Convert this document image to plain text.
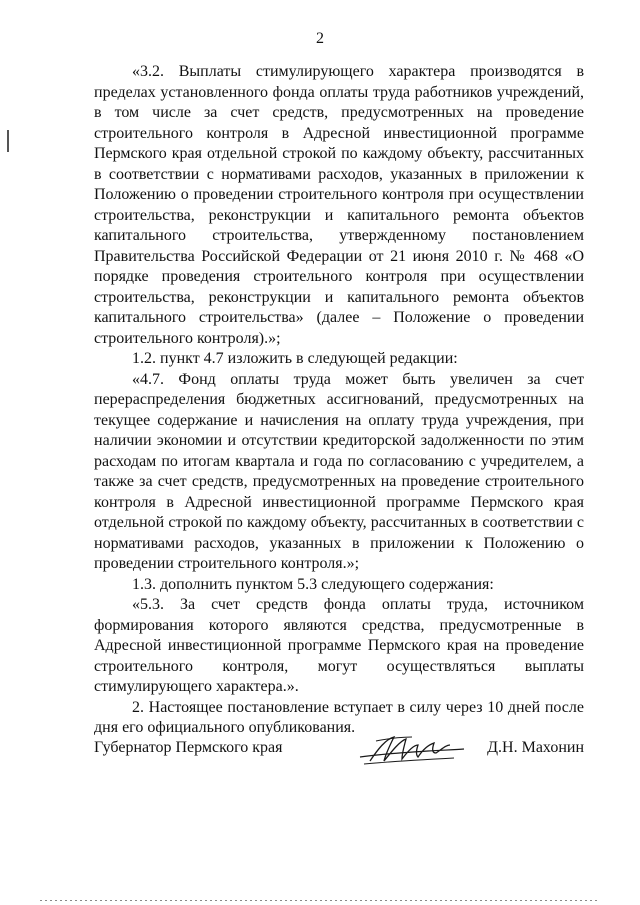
2

«3.2. Выплаты стимулирующего характера производятся в пределах установленного фонда оплаты труда работников учреждений, в том числе за счет средств, предусмотренных на проведение строительного контроля в Адресной инвестиционной программе Пермского края отдельной строкой по каждому объекту, рассчитанных в соответствии с нормативами расходов, указанных в приложении к Положению о проведении строительного контроля при осуществлении строительства, реконструкции и капитального ремонта объектов капитального строительства, утвержденному постановлением Правительства Российской Федерации от 21 июня 2010 г. № 468 «О порядке проведения строительного контроля при осуществлении строительства, реконструкции и капитального ремонта объектов капитального строительства» (далее – Положение о проведении строительного контроля).»;

1.2. пункт 4.7 изложить в следующей редакции:

«4.7. Фонд оплаты труда может быть увеличен за счет перераспределения бюджетных ассигнований, предусмотренных на текущее содержание и начисления на оплату труда учреждения, при наличии экономии и отсутствии кредиторской задолженности по этим расходам по итогам квартала и года по согласованию с учредителем, а также за счет средств, предусмотренных на проведение строительного контроля в Адресной инвестиционной программе Пермского края отдельной строкой по каждому объекту, рассчитанных в соответствии с нормативами расходов, указанных в приложении к Положению о проведении строительного контроля.»;

1.3. дополнить пунктом 5.3 следующего содержания:

«5.3. За счет средств фонда оплаты труда, источником формирования которого являются средства, предусмотренные в Адресной инвестиционной программе Пермского края на проведение строительного контроля, могут осуществляться выплаты стимулирующего характера.».

2. Настоящее постановление вступает в силу через 10 дней после дня его официального опубликования.

Губернатор Пермского края	Д.Н. Махонин
